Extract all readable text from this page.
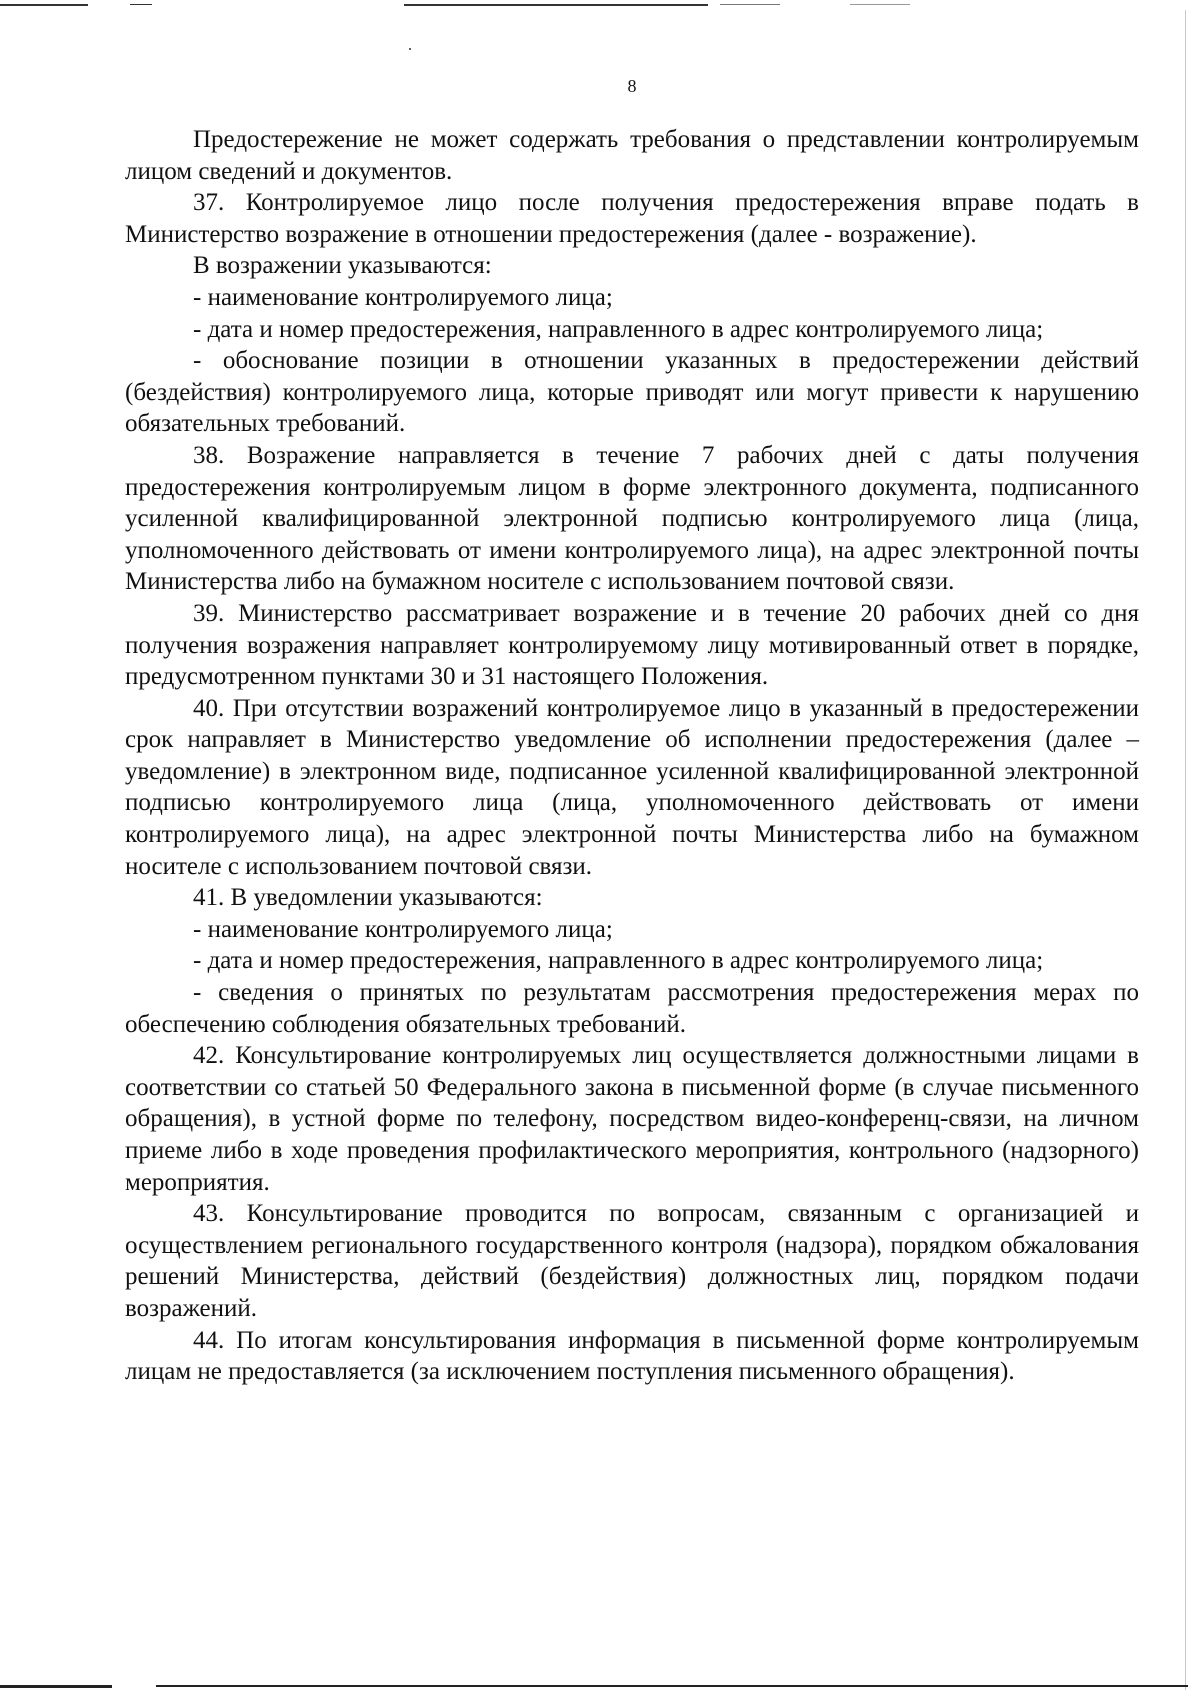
8

Предостережение не может содержать требования о представлении контролируемым лицом сведений и документов.

37. Контролируемое лицо после получения предостережения вправе подать в Министерство возражение в отношении предостережения (далее - возражение).

В возражении указываются:

- наименование контролируемого лица;

- дата и номер предостережения, направленного в адрес контролируемого лица;

- обоснование позиции в отношении указанных в предостережении действий (бездействия) контролируемого лица, которые приводят или могут привести к нарушению обязательных требований.

38. Возражение направляется в течение 7 рабочих дней с даты получения предостережения контролируемым лицом в форме электронного документа, подписанного усиленной квалифицированной электронной подписью контролируемого лица (лица, уполномоченного действовать от имени контролируемого лица), на адрес электронной почты Министерства либо на бумажном носителе с использованием почтовой связи.

39. Министерство рассматривает возражение и в течение 20 рабочих дней со дня получения возражения направляет контролируемому лицу мотивированный ответ в порядке, предусмотренном пунктами 30 и 31 настоящего Положения.

40. При отсутствии возражений контролируемое лицо в указанный в предостережении срок направляет в Министерство уведомление об исполнении предостережения (далее – уведомление) в электронном виде, подписанное усиленной квалифицированной электронной подписью контролируемого лица (лица, уполномоченного действовать от имени контролируемого лица), на адрес электронной почты Министерства либо на бумажном носителе с использованием почтовой связи.

41. В уведомлении указываются:

- наименование контролируемого лица;

- дата и номер предостережения, направленного в адрес контролируемого лица;

- сведения о принятых по результатам рассмотрения предостережения мерах по обеспечению соблюдения обязательных требований.

42. Консультирование контролируемых лиц осуществляется должностными лицами в соответствии со статьей 50 Федерального закона в письменной форме (в случае письменного обращения), в устной форме по телефону, посредством видео-конференц-связи, на личном приеме либо в ходе проведения профилактического мероприятия, контрольного (надзорного) мероприятия.

43. Консультирование проводится по вопросам, связанным с организацией и осуществлением регионального государственного контроля (надзора), порядком обжалования решений Министерства, действий (бездействия) должностных лиц, порядком подачи возражений.

44. По итогам консультирования информация в письменной форме контролируемым лицам не предоставляется (за исключением поступления письменного обращения).
